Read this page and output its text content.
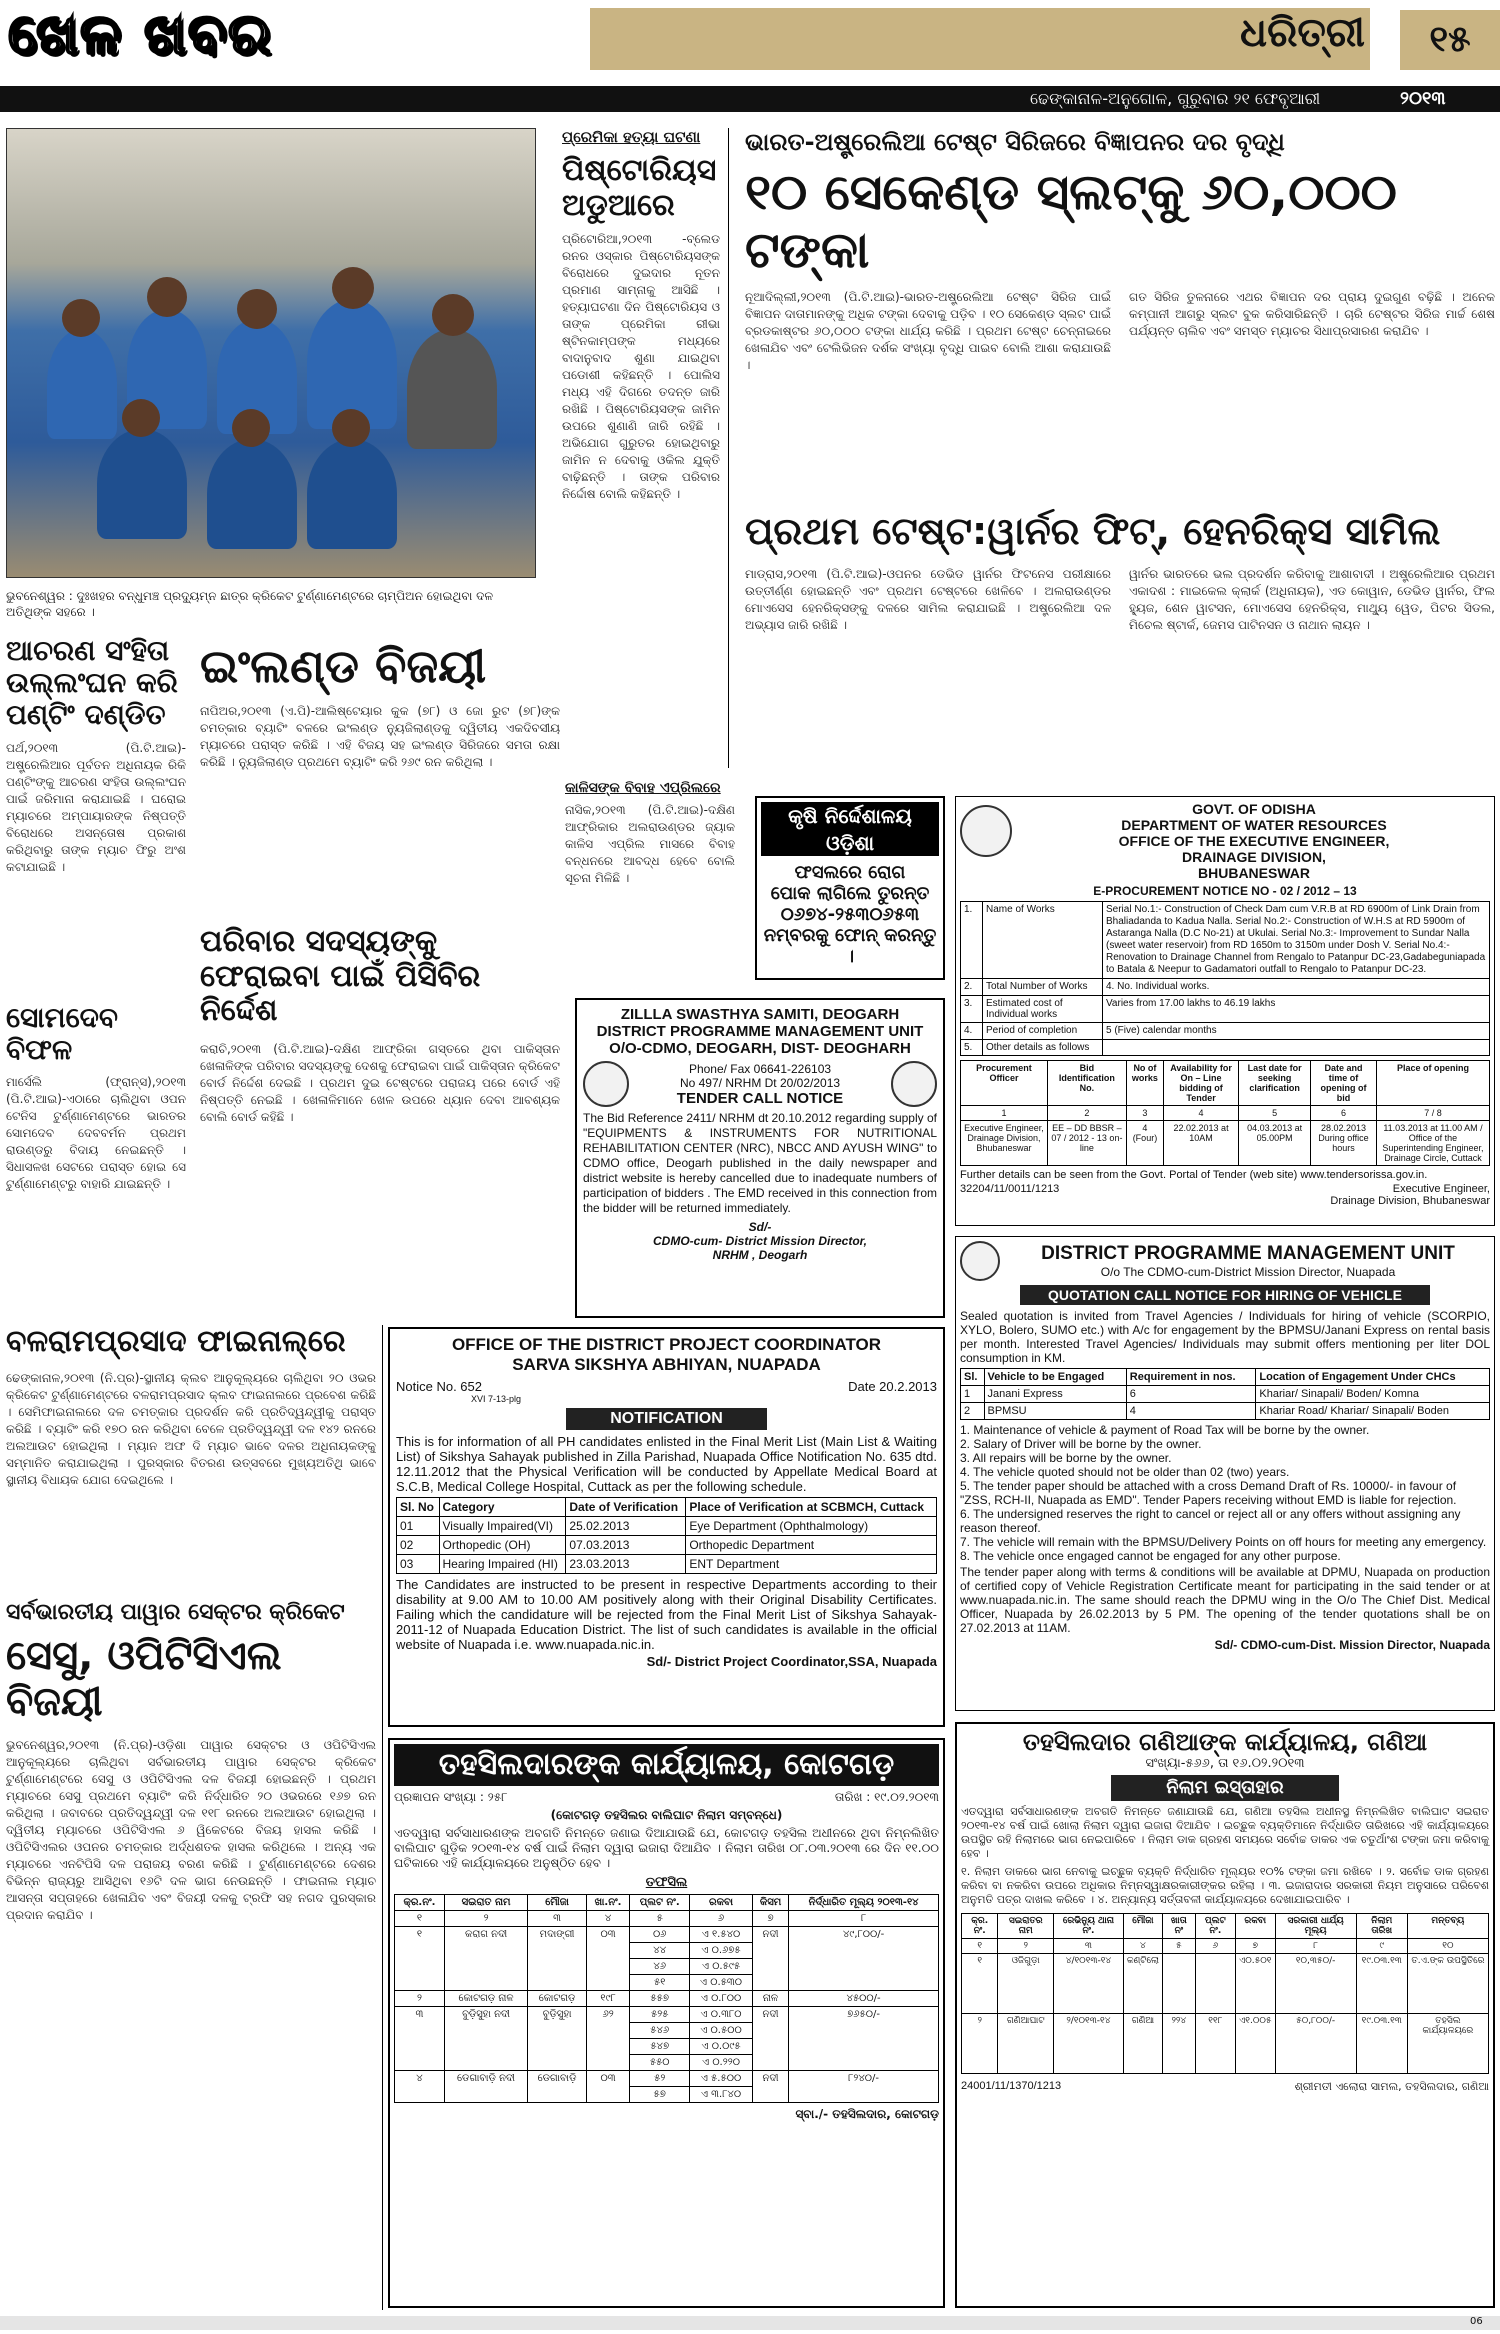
ଖେଳ ଖବର	ଧରିତ୍ରୀ	୧୫
ଢେଙ୍କାନାଳ-ଅନୁଗୋଳ, ଗୁରୁବାର ୨୧ ଫେବୃଆରୀ	୨୦୧୩
ଭୁବନେଶ୍ୱର : ଦୁଃଖହର ବନ୍ଧୁମଞ୍ଚ ପ୍ରଦ୍ୟୁମ୍ନ ଛାତ୍ର କ୍ରିକେଟ ଟୁର୍ଣ୍ଣାମେଣ୍ଟରେ ଚାମ୍ପିଅନ ହୋଇଥିବା ଦଳ ଅତିଥିଙ୍କ ସହରେ ।
ପ୍ରେମିକା ହତ୍ୟା ଘଟଣା
ପିଷ୍ଟୋରିୟସ ଅଡୁଆରେ
ପ୍ରିଟୋରିଆ,୨୦୧୩ -ବ୍ଲେଡ ରନର ଓସ୍କାର ପିଷ୍ଟୋରିୟସଙ୍କ ବିରୋଧରେ ଦୁଇଦାର ନୂତନ ପ୍ରମାଣ ସାମ୍ନାକୁ ଆସିଛି । ହତ୍ୟାଘଟଣା ଦିନ ପିଷ୍ଟୋରିୟସ ଓ ତାଙ୍କ ପ୍ରେମିକା ରୀଭା ଷ୍ଟିନକାମ୍ପଙ୍କ ମଧ୍ୟରେ ବାଦାନୁବାଦ ଶୁଣା ଯାଇଥିବା ପଡୋଶୀ କହିଛନ୍ତି । ପୋଲିସ ମଧ୍ୟ ଏହି ଦିଗରେ ତଦନ୍ତ ଜାରି ରଖିଛି । ପିଷ୍ଟୋରିୟସଙ୍କ ଜାମିନ ଉପରେ ଶୁଣାଣି ଜାରି ରହିଛି । ଅଭିଯୋଗ ଗୁରୁତର ହୋଇଥିବାରୁ ଜାମିନ ନ ଦେବାକୁ ଓକିଲ ଯୁକ୍ତି ବାଢ଼ିଛନ୍ତି । ତାଙ୍କ ପରିବାର ନିର୍ଦ୍ଦୋଷ ବୋଲି କହିଛନ୍ତି ।
ଭାରତ-ଅଷ୍ଟ୍ରେଲିଆ ଟେଷ୍ଟ ସିରିଜରେ ବିଜ୍ଞାପନର ଦର ବୃଦ୍ଧି
୧୦ ସେକେଣ୍ଡ ସ୍ଲଟ୍‌କୁ ୬୦,୦୦୦ ଟଙ୍କା
ନୂଆଦିଲ୍ଲୀ,୨୦୧୩ (ପି.ଟି.ଆଇ)-ଭାରତ-ଅଷ୍ଟ୍ରେଲିଆ ଟେଷ୍ଟ ସିରିଜ ପାଇଁ ବିଜ୍ଞାପନ ଦାତାମାନଙ୍କୁ ଅଧିକ ଟଙ୍କା ଦେବାକୁ ପଡ଼ିବ । ୧୦ ସେକେଣ୍ଡ ସ୍ଲଟ ପାଇଁ ବ୍ରଡକାଷ୍ଟର ୬୦,୦୦୦ ଟଙ୍କା ଧାର୍ଯ୍ୟ କରିଛି । ପ୍ରଥମ ଟେଷ୍ଟ ଚେନ୍ନାଇରେ ଖେଳାଯିବ ଏବଂ ଟେଲିଭିଜନ ଦର୍ଶକ ସଂଖ୍ୟା ବୃଦ୍ଧି ପାଇବ ବୋଲି ଆଶା କରାଯାଉଛି ।
ଗତ ସିରିଜ ତୁଳନାରେ ଏଥର ବିଜ୍ଞାପନ ଦର ପ୍ରାୟ ଦୁଇଗୁଣ ବଢ଼ିଛି । ଅନେକ କମ୍ପାନୀ ଆଗରୁ ସ୍ଲଟ ବୁକ କରିସାରିଛନ୍ତି । ଚାରି ଟେଷ୍ଟର ସିରିଜ ମାର୍ଚ୍ଚ ଶେଷ ପର୍ଯ୍ୟନ୍ତ ଚାଲିବ ଏବଂ ସମସ୍ତ ମ୍ୟାଚର ସିଧାପ୍ରସାରଣ କରାଯିବ ।
ପ୍ରଥମ ଟେଷ୍ଟ:ୱାର୍ନର ଫିଟ୍, ହେନରିକ୍ସ ସାମିଲ
ମାଡ୍ରାସ,୨୦୧୩ (ପି.ଟି.ଆଇ)-ଓପନର ଡେଭିଡ ୱାର୍ନର ଫିଟନେସ ପରୀକ୍ଷାରେ ଉତ୍ତୀର୍ଣ୍ଣ ହୋଇଛନ୍ତି ଏବଂ ପ୍ରଥମ ଟେଷ୍ଟରେ ଖେଳିବେ । ଅଲରାଉଣ୍ଡର ମୋଏସେସ ହେନରିକ୍ସଙ୍କୁ ଦଳରେ ସାମିଲ କରାଯାଇଛି । ଅଷ୍ଟ୍ରେଲିଆ ଦଳ ଅଭ୍ୟାସ ଜାରି ରଖିଛି ।
ୱାର୍ନର ଭାରତରେ ଭଲ ପ୍ରଦର୍ଶନ କରିବାକୁ ଆଶାବାଦୀ । ଅଷ୍ଟ୍ରେଲିଆର ପ୍ରଥମ ଏକାଦଶ : ମାଇକେଲ କ୍ଲାର୍କ (ଅଧିନାୟକ), ଏଡ କୋୱାନ, ଡେଭିଡ ୱାର୍ନର, ଫିଲ ହ୍ୟୁଜ, ଶେନ ୱାଟସନ, ମୋଏସେସ ହେନରିକ୍ସ, ମାଥ୍ୟୁ ୱେଡ, ପିଟର ସିଡଲ, ମିଚେଲ ଷ୍ଟାର୍କ, ଜେମସ ପାଟିନସନ ଓ ନାଥାନ ଲାୟନ ।
ଆଚରଣ ସଂହିତା ଉଲ୍ଲଂଘନ କରି ପଣ୍ଟିଂ ଦଣ୍ଡିତ
ପର୍ଥ,୨୦୧୩ (ପି.ଟି.ଆଇ)-ଅଷ୍ଟ୍ରେଲିଆର ପୂର୍ବତନ ଅଧିନାୟକ ରିକି ପଣ୍ଟିଂଙ୍କୁ ଆଚରଣ ସଂହିତା ଉଲ୍ଲଂଘନ ପାଇଁ ଜରିମାନା କରାଯାଇଛି । ଘରୋଇ ମ୍ୟାଚରେ ଅମ୍ପାୟାରଙ୍କ ନିଷ୍ପତ୍ତି ବିରୋଧରେ ଅସନ୍ତୋଷ ପ୍ରକାଶ କରିଥିବାରୁ ତାଙ୍କ ମ୍ୟାଚ ଫିରୁ ଅଂଶ କଟାଯାଇଛି ।
ଇଂଲଣ୍ଡ ବିଜୟୀ
ନାପିଅର,୨୦୧୩ (ଏ.ପି)-ଆଲିଷ୍ଟେୟାର କୁକ (୭୮) ଓ ଜୋ ରୁଟ (୭୮)ଙ୍କ ଚମତ୍କାର ବ୍ୟାଟିଂ ବଳରେ ଇଂଲଣ୍ଡ ନ୍ୟୁଜିଲାଣ୍ଡକୁ ଦ୍ୱିତୀୟ ଏକଦିବସୀୟ ମ୍ୟାଚରେ ପରାସ୍ତ କରିଛି । ଏହି ବିଜୟ ସହ ଇଂଲଣ୍ଡ ସିରିଜରେ ସମତା ରକ୍ଷା କରିଛି । ନ୍ୟୁଜିଲାଣ୍ଡ ପ୍ରଥମେ ବ୍ୟାଟିଂ କରି ୨୬୯ ରନ କରିଥିଲା ।
ପରିବାର ସଦସ୍ୟଙ୍କୁ ଫେରାଇବା ପାଇଁ ପିସିବିର ନିର୍ଦ୍ଦେଶ
କରାଚି,୨୦୧୩ (ପି.ଟି.ଆଇ)-ଦକ୍ଷିଣ ଆଫ୍ରିକା ଗସ୍ତରେ ଥିବା ପାକିସ୍ତାନ ଖେଳାଳିଙ୍କ ପରିବାର ସଦସ୍ୟଙ୍କୁ ଦେଶକୁ ଫେରାଇବା ପାଇଁ ପାକିସ୍ତାନ କ୍ରିକେଟ ବୋର୍ଡ ନିର୍ଦ୍ଦେଶ ଦେଇଛି । ପ୍ରଥମ ଦୁଇ ଟେଷ୍ଟରେ ପରାଜୟ ପରେ ବୋର୍ଡ ଏହି ନିଷ୍ପତ୍ତି ନେଇଛି । ଖେଳାଳିମାନେ ଖେଳ ଉପରେ ଧ୍ୟାନ ଦେବା ଆବଶ୍ୟକ ବୋଲି ବୋର୍ଡ କହିଛି ।
ସୋମଦେବ ବିଫଳ
ମାର୍ସେଲି (ଫ୍ରାନ୍ସ),୨୦୧୩ (ପି.ଟି.ଆଇ)-ଏଠାରେ ଚାଲିଥିବା ଓପନ ଟେନିସ ଟୁର୍ଣ୍ଣାମେଣ୍ଟରେ ଭାରତର ସୋମଦେବ ଦେବବର୍ମନ ପ୍ରଥମ ରାଉଣ୍ଡରୁ ବିଦାୟ ନେଇଛନ୍ତି । ସିଧାସଳଖ ସେଟରେ ପରାସ୍ତ ହୋଇ ସେ ଟୁର୍ଣ୍ଣାମେଣ୍ଟରୁ ବାହାରି ଯାଇଛନ୍ତି ।
କାଳିସଙ୍କ ବିବାହ ଏପ୍ରିଲରେ
ନାସିକ,୨୦୧୩ (ପି.ଟି.ଆଇ)-ଦକ୍ଷିଣ ଆଫ୍ରିକାର ଅଲରାଉଣ୍ଡର ଜ୍ୟାକ କାଳିସ ଏପ୍ରିଲ ମାସରେ ବିବାହ ବନ୍ଧନରେ ଆବଦ୍ଧ ହେବେ ବୋଲି ସୂଚନା ମିଳିଛି ।
କୃଷି ନିର୍ଦ୍ଦେଶାଳୟ
ଓଡ଼ିଶା
ଫସଲରେ ରୋଗ
ପୋକ ଲାଗିଲେ ତୁରନ୍ତ
୦୬୭୪-୨୫୩୦୬୫୩
ନମ୍ବରକୁ ଫୋନ୍ କରନ୍ତୁ ।
ZILLLA SWASTHYA SAMITI, DEOGARH
DISTRICT PROGRAMME MANAGEMENT UNIT
O/O-CDMO, DEOGARH, DIST- DEOGHARH
Phone/ Fax 06641-226103
No 497/ NRHM Dt 20/02/2013
TENDER CALL NOTICE
The Bid Reference 2411/ NRHM dt 20.10.2012 regarding supply of "EQUIPMENTS & INSTRUMENTS FOR NUTRITIONAL REHABILITATION CENTER (NRC), NBCC AND AYUSH WING" to CDMO office, Deogarh published in the daily newspaper and district website is hereby cancelled due to inadequate numbers of participation of bidders . The EMD received in this connection from the bidder will be returned immediately.
Sd/-
CDMO-cum- District Mission Director,
NRHM , Deogarh
GOVT. OF ODISHA
DEPARTMENT OF WATER RESOURCES
OFFICE OF THE EXECUTIVE ENGINEER,
DRAINAGE DIVISION,
BHUBANESWAR
E-PROCUREMENT NOTICE NO - 02 / 2012 – 13
1.	Name of Works	Serial No.1:- Construction of Check Dam cum V.R.B at RD 6900m of Link Drain from Bhaliadanda to Kadua Nalla. Serial No.2:- Construction of W.H.S at RD 5900m of Astaranga Nalla (D.C No-21) at Ukulai. Serial No.3:- Improvement to Sundar Nalla (sweet water reservoir) from RD 1650m to 3150m under Dosh V. Serial No.4:- Renovation to Drainage Channel from Rengalo to Patanpur DC-23,Gadabeguniapada to Batala & Neepur to Gadamatori outfall to Rengalo to Patanpur DC-23.
2.	Total Number of Works	4. No. Individual works.
3.	Estimated cost of Individual works	Varies from 17.00 lakhs to 46.19 lakhs
4.	Period of completion	5 (Five) calendar months
5.	Other details as follows	
Procurement Officer	Bid Identification No.	No of works	Availability for On – Line bidding of Tender	Last date for seeking clarification	Date and time of opening of bid	Place of opening
1	2	3	4	5	6	7 / 8
Executive Engineer, Drainage Division, Bhubaneswar	EE – DD BBSR – 07 / 2012 - 13 on- line	4 (Four)	22.02.2013 at 10AM	04.03.2013 at 05.00PM	28.02.2013 During office hours	11.03.2013 at 11.00 AM / Office of the Superintending Engineer, Drainage Circle, Cuttack
Further details can be seen from the Govt. Portal of Tender (web site) www.tendersorissa.gov.in.
32204/11/0011/1213	Executive Engineer,
Drainage Division, Bhubaneswar
DISTRICT PROGRAMME MANAGEMENT UNIT
O/o The CDMO-cum-District Mission Director, Nuapada
QUOTATION CALL NOTICE FOR HIRING OF VEHICLE
Sealed quotation is invited from Travel Agencies / Individuals for hiring of vehicle (SCORPIO, XYLO, Bolero, SUMO etc.) with A/c for engagement by the BPMSU/Janani Express on rental basis per month. Interested Travel Agencies/ Individuals may submit offers mentioning per liter DOL consumption in KM.
Sl.	Vehicle to be Engaged	Requirement in nos.	Location of Engagement Under CHCs
1	Janani Express	6	Khariar/ Sinapali/ Boden/ Komna
2	BPMSU	4	Khariar Road/ Khariar/ Sinapali/ Boden
1. Maintenance of vehicle & payment of Road Tax will be borne by the owner.
2. Salary of Driver will be borne by the owner.
3. All repairs will be borne by the owner.
4. The vehicle quoted should not be older than 02 (two) years.
5. The tender paper should be attached with a cross Demand Draft of Rs. 10000/- in favour of "ZSS, RCH-II, Nuapada as EMD". Tender Papers receiving without EMD is liable for rejection.
6. The undersigned reserves the right to cancel or reject all or any offers without assigning any reason thereof.
7. The vehicle will remain with the BPMSU/Delivery Points on off hours for meeting any emergency.
8. The vehicle once engaged cannot be engaged for any other purpose.
The tender paper along with terms & conditions will be available at DPMU, Nuapada on production of certified copy of Vehicle Registration Certificate meant for participating in the said tender or at www.nuapada.nic.in. The same should reach the DPMU wing in the O/o The Chief Dist. Medical Officer, Nuapada by 26.02.2013 by 5 PM. The opening of the tender quotations shall be on 27.02.2013 at 11AM.
Sd/- CDMO-cum-Dist. Mission Director, Nuapada
ବଳରାମପ୍ରସାଦ ଫାଇନାଲ୍‌ରେ
ଢେଙ୍କାନାଳ,୨୦୧୩ (ନି.ପ୍ର)-ସ୍ଥାନୀୟ କ୍ଲବ ଆନୁକୂଲ୍ୟରେ ଚାଲିଥିବା ୨୦ ଓଭର କ୍ରିକେଟ ଟୁର୍ଣ୍ଣାମେଣ୍ଟରେ ବଳରାମପ୍ରସାଦ କ୍ଲବ ଫାଇନାଲରେ ପ୍ରବେଶ କରିଛି । ସେମିଫାଇନାଲରେ ଦଳ ଚମତ୍କାର ପ୍ରଦର୍ଶନ କରି ପ୍ରତିଦ୍ୱନ୍ଦ୍ୱୀକୁ ପରାସ୍ତ କରିଛି । ବ୍ୟାଟିଂ କରି ୧୭୦ ରନ କରିଥିବା ବେଳେ ପ୍ରତିଦ୍ୱନ୍ଦ୍ୱୀ ଦଳ ୧୪୨ ରନରେ ଅଲଆଉଟ ହୋଇଥିଲା । ମ୍ୟାନ ଅଫ ଦି ମ୍ୟାଚ ଭାବେ ଦଳର ଅଧିନାୟକଙ୍କୁ ସମ୍ମାନିତ କରାଯାଇଥିଲା । ପୁରସ୍କାର ବିତରଣ ଉତ୍ସବରେ ମୁଖ୍ୟଅତିଥି ଭାବେ ସ୍ଥାନୀୟ ବିଧାୟକ ଯୋଗ ଦେଇଥିଲେ ।
ସର୍ବଭାରତୀୟ ପାୱାର ସେକ୍ଟର କ୍ରିକେଟ
ସେସୁ, ଓପିଟିସିଏଲ ବିଜୟୀ
ଭୁବନେଶ୍ୱର,୨୦୧୩ (ନି.ପ୍ର)-ଓଡ଼ିଶା ପାୱାର ସେକ୍ଟର ଓ ଓପିଟିସିଏଲ ଆନୁକୂଲ୍ୟରେ ଚାଲିଥିବା ସର୍ବଭାରତୀୟ ପାୱାର ସେକ୍ଟର କ୍ରିକେଟ ଟୁର୍ଣ୍ଣାମେଣ୍ଟରେ ସେସୁ ଓ ଓପିଟିସିଏଲ ଦଳ ବିଜୟୀ ହୋଇଛନ୍ତି । ପ୍ରଥମ ମ୍ୟାଚରେ ସେସୁ ପ୍ରଥମେ ବ୍ୟାଟିଂ କରି ନିର୍ଦ୍ଧାରିତ ୨୦ ଓଭରରେ ୧୬୭ ରନ କରିଥିଲା । ଜବାବରେ ପ୍ରତିଦ୍ୱନ୍ଦ୍ୱୀ ଦଳ ୧୧୮ ରନରେ ଅଲଆଉଟ ହୋଇଥିଲା । ଦ୍ୱିତୀୟ ମ୍ୟାଚରେ ଓପିଟିସିଏଲ ୬ ୱିକେଟରେ ବିଜୟ ହାସଲ କରିଛି । ଓପିଟିସିଏଲର ଓପନର ଚମତ୍କାର ଅର୍ଦ୍ଧଶତକ ହାସଲ କରିଥିଲେ । ଅନ୍ୟ ଏକ ମ୍ୟାଚରେ ଏନଟିପିସି ଦଳ ପରାଜୟ ବରଣ କରିଛି । ଟୁର୍ଣ୍ଣାମେଣ୍ଟରେ ଦେଶର ବିଭିନ୍ନ ରାଜ୍ୟରୁ ଆସିଥିବା ୧୬ଟି ଦଳ ଭାଗ ନେଉଛନ୍ତି । ଫାଇନାଲ ମ୍ୟାଚ ଆସନ୍ତା ସପ୍ତାହରେ ଖେଳାଯିବ ଏବଂ ବିଜୟୀ ଦଳକୁ ଟ୍ରଫି ସହ ନଗଦ ପୁରସ୍କାର ପ୍ରଦାନ କରାଯିବ ।
OFFICE OF THE DISTRICT PROJECT COORDINATOR
SARVA SIKSHYA ABHIYAN, NUAPADA
Notice No. 652	Date 20.2.2013
XVI 7-13-plg
NOTIFICATION
This is for information of all PH candidates enlisted in the Final Merit List (Main List & Waiting List) of Sikshya Sahayak published in Zilla Parishad, Nuapada Office Notification No. 635 dtd. 12.11.2012 that the Physical Verification will be conducted by Appellate Medical Board at S.C.B, Medical College Hospital, Cuttack as per the following schedule.
Sl. No	Category	Date of Verification	Place of Verification at SCBMCH, Cuttack
01	Visually Impaired(VI)	25.02.2013	Eye Department (Ophthalmology)
02	Orthopedic (OH)	07.03.2013	Orthopedic Department
03	Hearing Impaired (HI)	23.03.2013	ENT Department
The Candidates are instructed to be present in respective Departments according to their disability at 9.00 AM to 10.00 AM positively along with their Original Disability Certificates. Failing which the candidature will be rejected from the Final Merit List of Sikshya Sahayak-2011-12 of Nuapada Education District. The list of such candidates is available in the official website of Nuapada i.e. www.nuapada.nic.in.
Sd/- District Project Coordinator,SSA, Nuapada
ତହସିଲଦାରଙ୍କ କାର୍ଯ୍ୟାଳୟ, କୋଟଗଡ଼
ପ୍ରଜ୍ଞାପନ ସଂଖ୍ୟା : ୨୫୮	ତାରିଖ : ୧୯.୦୨.୨୦୧୩
(କୋଟଗଡ଼ ତହସିଲର ବାଲିଘାଟ ନିଲାମ ସମ୍ବନ୍ଧେ)
ଏତଦ୍ୱାରା ସର୍ବସାଧାରଣଙ୍କ ଅବଗତି ନିମନ୍ତେ ଜଣାଇ ଦିଆଯାଉଛି ଯେ, କୋଟଗଡ଼ ତହସିଲ ଅଧୀନରେ ଥିବା ନିମ୍ନଲିଖିତ ବାଲିଘାଟ ଗୁଡ଼ିକ ୨୦୧୩-୧୪ ବର୍ଷ ପାଇଁ ନିଲାମ ଦ୍ୱାରା ଇଜାରା ଦିଆଯିବ । ନିଲାମ ତାରିଖ ୦୮.୦୩.୨୦୧୩ ରେ ଦିନ ୧୧.୦୦ ଘଟିକାରେ ଏହି କାର୍ଯ୍ୟାଳୟରେ ଅନୁଷ୍ଠିତ ହେବ ।
ତଫସିଲ
କ୍ର.ନଂ.	ସଇରାତ ନାମ	ମୌଜା	ଖା.ନଂ.	ପ୍ଲଟ ନଂ.	ରକବା	କିସମ	ନିର୍ଦ୍ଧାରିତ ମୂଲ୍ୟ ୨୦୧୩-୧୪
୧	୨	୩	୪	୫	୬	୭	୮
୧	କରାଗ ନଦୀ	ମଦାଙ୍ଗୀ	୦୩	୦୬	ଏ ୧.୫୪୦	ନଦୀ	୪୯,୮୦୦/-
				୪୪	ଏ ୦.୬୭୫		
				୪୬	ଏ ୦.୫୯୫		
				୫୧	ଏ ୦.୫୩୦		
୨	କୋଟଗଡ଼ ନାଳ	କୋଟଗଡ଼	୧୯୮	୫୫୭	ଏ ୦.୮୦୦	ନାଳ	୪୫୦୦/-
୩	ବୁଡ଼ିସୁହା ନଦୀ	ବୁଡ଼ିସୁହା	୬୨	୫୨୫	ଏ ୦.୩୮୦	ନଦୀ	୭୬୫୦/-
				୫୪୬	ଏ ୦.୫୦୦		
				୫୪୭	ଏ ୦.୦୯୫		
				୫୫୦	ଏ ୦.୨୨୦		
୪	ଡେଗାବାଡ଼ି ନଦୀ	ଡେଗାବାଡ଼ି	୦୩	୫୨	ଏ ୫.୫୦୦	ନଦୀ	୮୨୪୦/-
				୫୭	ଏ ୩.୮୪୦		
ସ୍ବା./- ତହସିଲଦାର, କୋଟଗଡ଼
ତହସିଲଦାର ଗଣିଆଙ୍କ କାର୍ଯ୍ୟାଳୟ, ଗଣିଆ
ସଂଖ୍ୟା-୫୬୬, ତା ୧୬.୦୨.୨୦୧୩
ନିଲାମ ଇସ୍ତାହାର
ଏତଦ୍ୱାରା ସର୍ବସାଧାରଣଙ୍କ ଅବଗତି ନିମନ୍ତେ ଜଣାଯାଉଛି ଯେ, ଗଣିଆ ତହସିଲ ଅଧୀନସ୍ଥ ନିମ୍ନଲିଖିତ ବାଲିଘାଟ ସଇରାତ ୨୦୧୩-୧୪ ବର୍ଷ ପାଇଁ ଖୋଲା ନିଲାମ ଦ୍ୱାରା ଇଜାରା ଦିଆଯିବ । ଇଚ୍ଛୁକ ବ୍ୟକ୍ତିମାନେ ନିର୍ଦ୍ଧାରିତ ତାରିଖରେ ଏହି କାର୍ଯ୍ୟାଳୟରେ ଉପସ୍ଥିତ ରହି ନିଲାମରେ ଭାଗ ନେଇପାରିବେ । ନିଲାମ ଡାକ ଗ୍ରହଣ ସମୟରେ ସର୍ବୋଚ୍ଚ ଡାକର ଏକ ଚତୁର୍ଥାଂଶ ଟଙ୍କା ଜମା କରିବାକୁ ହେବ ।
୧. ନିଲାମ ଡାକରେ ଭାଗ ନେବାକୁ ଇଚ୍ଛୁକ ବ୍ୟକ୍ତି ନିର୍ଦ୍ଧାରିତ ମୂଲ୍ୟର ୧୦% ଟଙ୍କା ଜମା ରଖିବେ । ୨. ସର୍ବୋଚ୍ଚ ଡାକ ଗ୍ରହଣ କରିବା ବା ନକରିବା ଉପରେ ଅଧିକାର ନିମ୍ନସ୍ୱାକ୍ଷରକାରୀଙ୍କର ରହିଲା । ୩. ଇଜାରାଦାର ସରକାରୀ ନିୟମ ଅନୁସାରେ ପରିବେଶ ଅନୁମତି ପତ୍ର ଦାଖଲ କରିବେ । ୪. ଅନ୍ୟାନ୍ୟ ସର୍ତ୍ତାବଳୀ କାର୍ଯ୍ୟାଳୟରେ ଦେଖାଯାଇପାରିବ ।
କ୍ର. ନଂ.	ସଇରାତର ନାମ	ରେଭିନ୍ୟୁ ଥାନା ନଂ.	ମୌଜା	ଖାତା ନଂ	ପ୍ଲଟ ନଂ.	ରକବା	ସରକାରୀ ଧାର୍ଯ୍ୟ ମୂଲ୍ୟ	ନିଲାମ ତାରିଖ	ମନ୍ତବ୍ୟ
୧	୨	୩	୪	୫	୬	୭	୮	୯	୧୦
୧	ଓଜିଗୁଡ଼ା	୪/୧୦୧୩-୧୪	କଣ୍ଟିଲୋ			ଏ୦.୫୦୧	୧୦,୩୫୦/-	୧୯.୦୩.୧୩	ତ.ଏ.ଙ୍କ ଉପସ୍ଥିତିରେ
୨	ଗଣିଆଘାଟ	୨/୧୦୧୩-୧୪	ଗଣିଆ	୨୨୪	୧୧୮	ଏ୧.୦୦୫	୫୦,୮୦୦/-	୧୯.୦୩.୧୩	ତହସିଲ କାର୍ଯ୍ୟାଳୟରେ
24001/11/1370/1213	ଶ୍ରୀମତୀ ଏଲୋରା ସାମଲ, ତହସିଲଦାର, ଗଣିଆ
06
